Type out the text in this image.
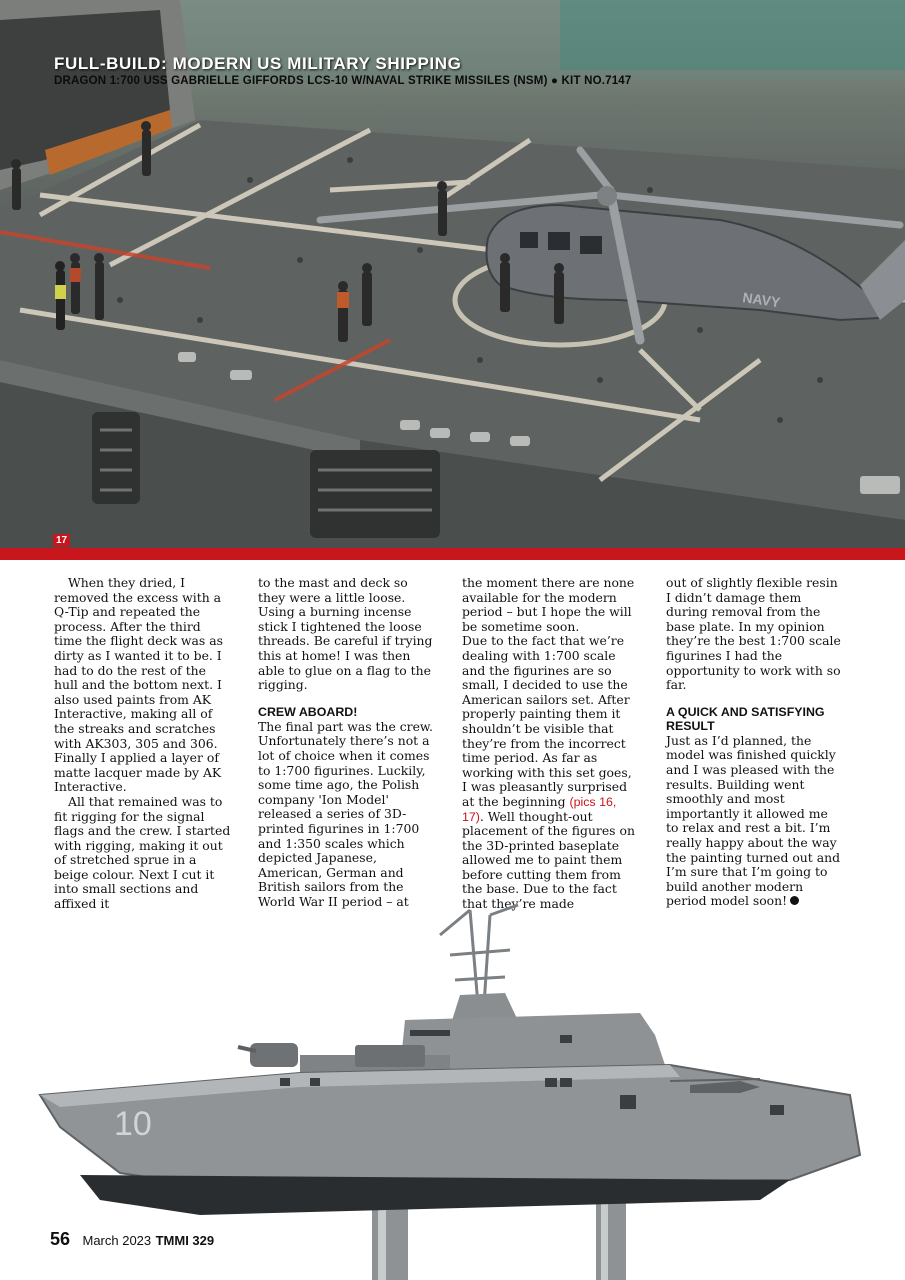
NAVY
FULL-BUILD: MODERN US MILITARY SHIPPING
DRAGON 1:700 USS GABRIELLE GIFFORDS LCS-10 W/NAVAL STRIKE MISSILES (NSM) ● KIT NO.7147
17

When they dried, I removed the excess with a Q-Tip and repeated the process. After the third time the flight deck was as dirty as I wanted it to be. I had to do the rest of the hull and the bottom next. I also used paints from AK Interactive, making all of the streaks and scratches with AK303, 305 and 306. Finally I applied a layer of matte lacquer made by AK Interactive.

All that remained was to fit rigging for the signal flags and the crew. I started with rigging, making it out of stretched sprue in a beige colour. Next I cut it into small sections and affixed it

to the mast and deck so they were a little loose. Using a burning incense stick I tightened the loose threads. Be careful if trying this at home! I was then able to glue on a flag to the rigging.

CREW ABOARD!

The final part was the crew. Unfortunately there’s not a lot of choice when it comes to 1:700 figurines. Luckily, some time ago, the Polish company 'Ion Model' released a series of 3D-printed figurines in 1:700 and 1:350 scales which depicted Japanese, American, German and British sailors from the World War II period – at

the moment there are none available for the modern period – but I hope the will be sometime soon.

Due to the fact that we’re dealing with 1:700 scale and the figurines are so small, I decided to use the American sailors set. After properly painting them it shouldn’t be visible that they’re from the incorrect time period. As far as working with this set goes, I was pleasantly surprised at the beginning (pics 16, 17). Well thought-out placement of the figures on the 3D-printed baseplate allowed me to paint them before cutting them from the base. Due to the fact that they’re made

out of slightly flexible resin I didn’t damage them during removal from the base plate. In my opinion they’re the best 1:700 scale figurines I had the opportunity to work with so far.

A QUICK AND SATISFYING RESULT

Just as I’d planned, the model was finished quickly and I was pleased with the results. Building went smoothly and most importantly it allowed me to relax and rest a bit. I’m really happy about the way the painting turned out and I’m sure that I’m going to build another modern period model soon!

10
56 March 2023 TMMI 329
